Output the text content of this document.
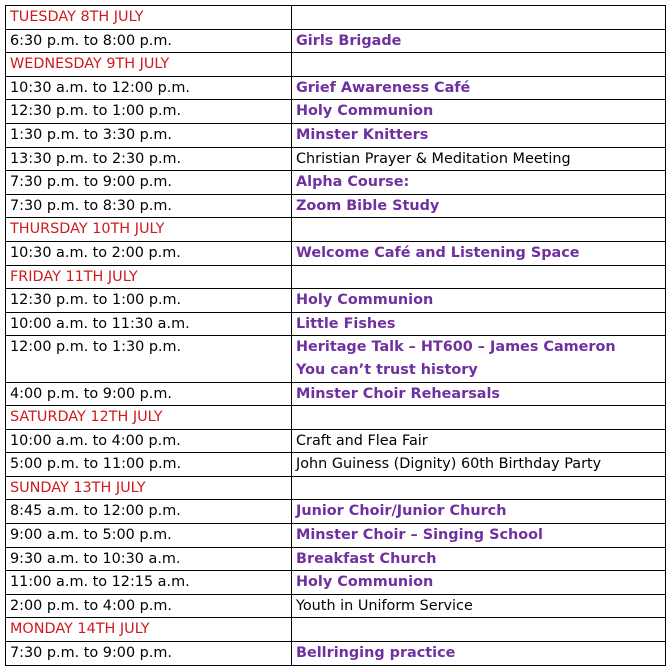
TUESDAY 8TH JULY	
6:30 p.m. to 8:00 p.m.	Girls Brigade

WEDNESDAY 9TH JULY	
10:30 a.m. to 12:00 p.m.	Grief Awareness Café

12:30 p.m. to 1:00 p.m.	Holy Communion

1:30 p.m. to 3:30 p.m.	Minster Knitters

13:30 p.m. to 2:30 p.m.	Christian Prayer & Meditation Meeting

7:30 p.m. to 9:00 p.m.	Alpha Course:

7:30 p.m. to 8:30 p.m.	Zoom Bible Study

THURSDAY 10TH JULY	
10:30 a.m. to 2:00 p.m.	Welcome Café and Listening Space

FRIDAY 11TH JULY	
12:30 p.m. to 1:00 p.m.	Holy Communion

10:00 a.m. to 11:30 a.m.	Little Fishes

12:00 p.m. to 1:30 p.m.	Heritage Talk – HT600 – James Cameron
You can’t trust history

4:00 p.m. to 9:00 p.m.	Minster Choir Rehearsals

SATURDAY 12TH JULY	
10:00 a.m. to 4:00 p.m.	Craft and Flea Fair

5:00 p.m. to 11:00 p.m.	John Guiness (Dignity) 60th Birthday Party

SUNDAY 13TH JULY	
8:45 a.m. to 12:00 p.m.	Junior Choir/Junior Church

9:00 a.m. to 5:00 p.m.	Minster Choir – Singing School

9:30 a.m. to 10:30 a.m.	Breakfast Church

11:00 a.m. to 12:15 a.m.	Holy Communion

2:00 p.m. to 4:00 p.m.	Youth in Uniform Service

MONDAY 14TH JULY	
7:30 p.m. to 9:00 p.m.	Bellringing practice
